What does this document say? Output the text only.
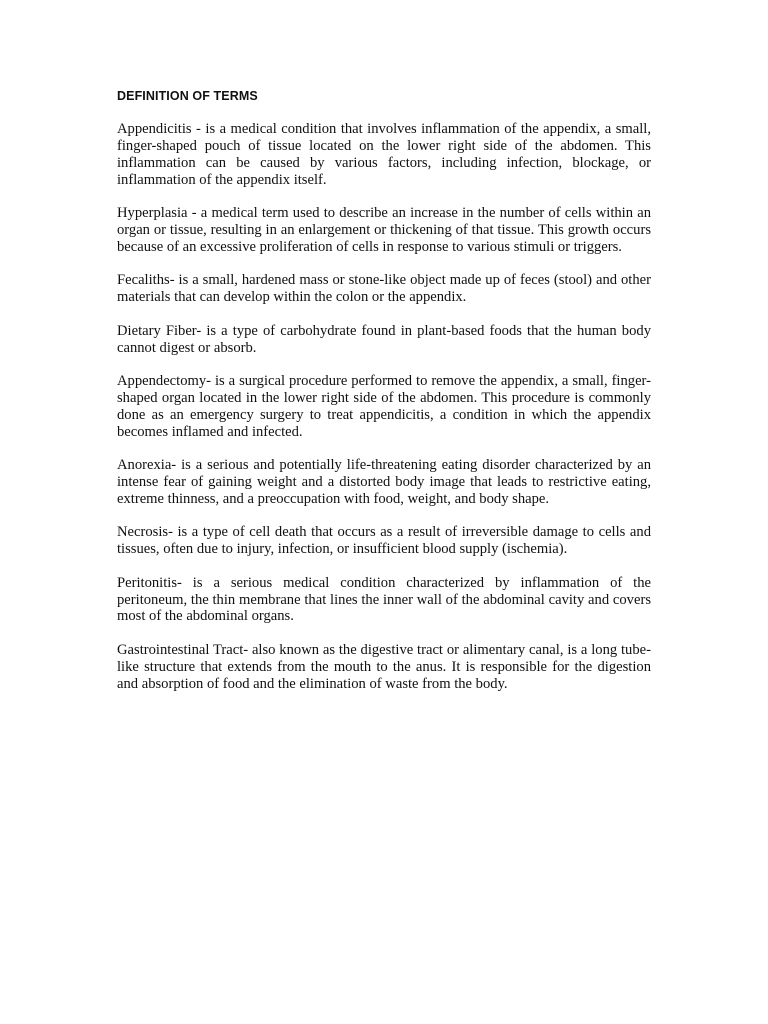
DEFINITION OF TERMS

Appendicitis - is a medical condition that involves inflammation of the appendix, a small, finger-shaped pouch of tissue located on the lower right side of the abdomen. This inflammation can be caused by various factors, including infection, blockage, or inflammation of the appendix itself.

Hyperplasia - a medical term used to describe an increase in the number of cells within an organ or tissue, resulting in an enlargement or thickening of that tissue. This growth occurs because of an excessive proliferation of cells in response to various stimuli or triggers.

Fecaliths- is a small, hardened mass or stone-like object made up of feces (stool) and other materials that can develop within the colon or the appendix.

Dietary Fiber- is a type of carbohydrate found in plant-based foods that the human body cannot digest or absorb.

Appendectomy- is a surgical procedure performed to remove the appendix, a small, finger-shaped organ located in the lower right side of the abdomen. This procedure is commonly done as an emergency surgery to treat appendicitis, a condition in which the appendix becomes inflamed and infected.

Anorexia- is a serious and potentially life-threatening eating disorder characterized by an intense fear of gaining weight and a distorted body image that leads to restrictive eating, extreme thinness, and a preoccupation with food, weight, and body shape.

Necrosis- is a type of cell death that occurs as a result of irreversible damage to cells and tissues, often due to injury, infection, or insufficient blood supply (ischemia).

Peritonitis- is a serious medical condition characterized by inflammation of the peritoneum, the thin membrane that lines the inner wall of the abdominal cavity and covers most of the abdominal organs.

Gastrointestinal Tract- also known as the digestive tract or alimentary canal, is a long tube-like structure that extends from the mouth to the anus. It is responsible for the digestion and absorption of food and the elimination of waste from the body.
